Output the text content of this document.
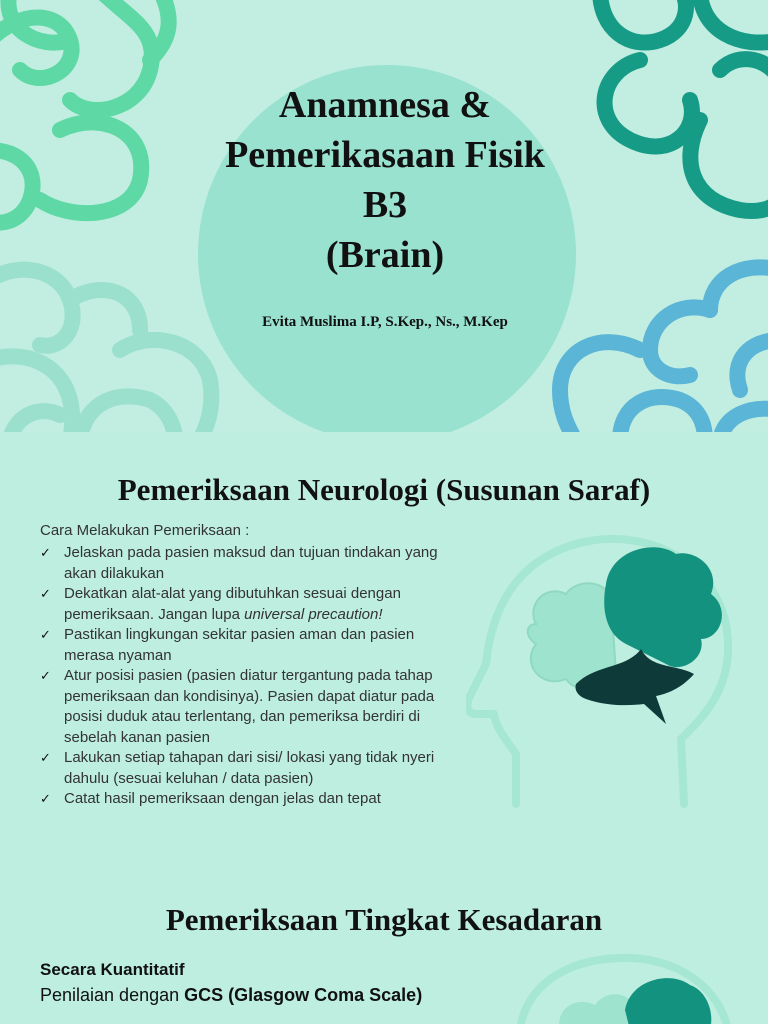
Anamnesa &
Pemerikasaan Fisik
B3
(Brain)
Evita Muslima I.P, S.Kep., Ns., M.Kep
Pemeriksaan Neurologi (Susunan Saraf)
Cara Melakukan Pemeriksaan :
✓ Jelaskan pada pasien maksud dan tujuan tindakan yang akan dilakukan
✓ Dekatkan alat-alat yang dibutuhkan sesuai dengan pemeriksaan. Jangan lupa universal precaution!
✓ Pastikan lingkungan sekitar pasien aman dan pasien merasa nyaman
✓ Atur posisi pasien (pasien diatur tergantung pada tahap pemeriksaan dan kondisinya). Pasien dapat diatur pada posisi duduk atau terlentang, dan pemeriksa berdiri di sebelah kanan pasien
✓ Lakukan setiap tahapan dari sisi/ lokasi yang tidak nyeri dahulu (sesuai keluhan / data pasien)
✓ Catat hasil pemeriksaan dengan jelas dan tepat
Pemeriksaan Tingkat Kesadaran
Secara Kuantitatif
Penilaian dengan GCS (Glasgow Coma Scale)
